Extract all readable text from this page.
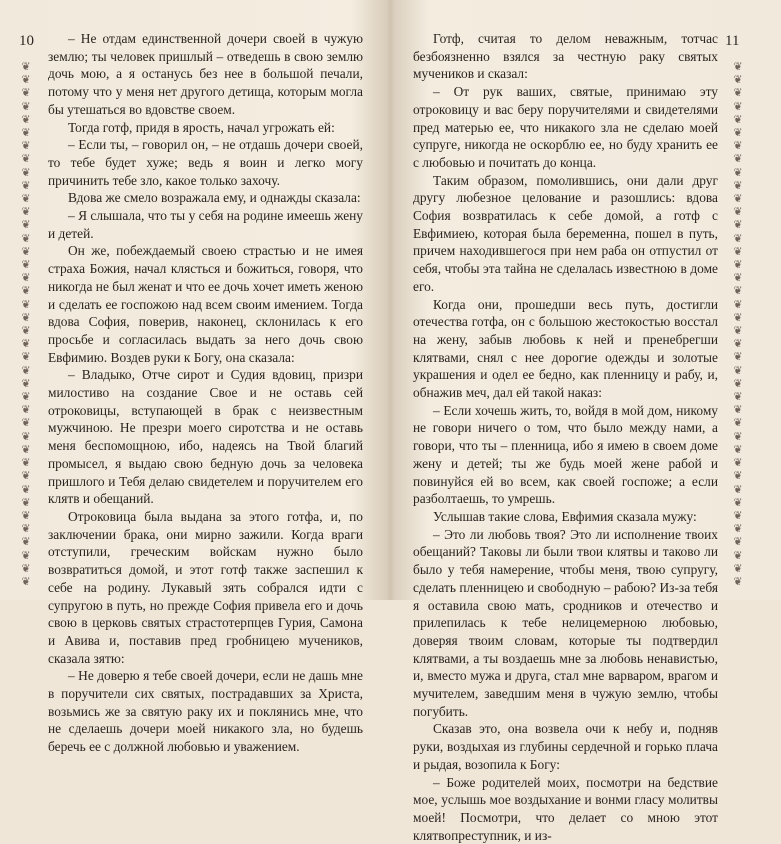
10
❦
❦
❦
❦
❦
❦
❦
❦
❦
❦
❦
❦
❦
❦
❦
❦
❦
❦
❦
❦
❦
❦
❦
❦
❦
❦
❦
❦
❦
❦
❦
❦
❦
❦
❦
❦
❦
❦
❦
❦

– Не отдам единственной дочери своей в чужую землю; ты человек пришлый – отведешь в свою землю дочь мою, а я останусь без нее в большой печали, потому что у меня нет другого детища, которым могла бы утешаться во вдовстве своем.

Тогда готф, придя в ярость, начал угрожать ей:

– Если ты, – говорил он, – не отдашь дочери своей, то тебе будет хуже; ведь я воин и легко могу причинить тебе зло, какое только захочу.

Вдова же смело возражала ему, и однажды сказала:

– Я слышала, что ты у себя на родине имеешь жену и детей.

Он же, побеждаемый своею страстью и не имея страха Божия, начал клясться и божиться, говоря, что никогда не был женат и что ее дочь хочет иметь женою и сделать ее госпожою над всем своим имением. Тогда вдова София, поверив, наконец, склонилась к его просьбе и согласилась выдать за него дочь свою Евфимию. Воздев руки к Богу, она сказала:

– Владыко, Отче сирот и Судия вдовиц, призри милостиво на создание Свое и не оставь сей отроковицы, вступающей в брак с неизвестным мужчиною. Не презри моего сиротства и не оставь меня беспомощною, ибо, надеясь на Твой благий промысел, я выдаю свою бедную дочь за человека пришлого и Тебя делаю свидетелем и поручителем его клятв и обещаний.

Отроковица была выдана за этого готфа, и, по заключении брака, они мирно зажили. Когда враги отступили, греческим войскам нужно было возвратиться домой, и этот готф также заспешил к себе на родину. Лукавый зять собрался идти с супругою в путь, но прежде София привела его и дочь свою в церковь святых страстотерпцев Гурия, Самона и Авива и, поставив пред гробницею мучеников, сказала зятю:

– Не доверю я тебе своей дочери, если не дашь мне в поручители сих святых, пострадавших за Христа, возьмись же за святую раку их и поклянись мне, что не сделаешь дочери моей никакого зла, но будешь беречь ее с должной любовью и уважением.

11
❦
❦
❦
❦
❦
❦
❦
❦
❦
❦
❦
❦
❦
❦
❦
❦
❦
❦
❦
❦
❦
❦
❦
❦
❦
❦
❦
❦
❦
❦
❦
❦
❦
❦
❦
❦
❦
❦
❦
❦

Готф, считая то делом неважным, тотчас безбоязненно взялся за честную раку святых мучеников и сказал:

– От рук ваших, святые, принимаю эту отроковицу и вас беру поручителями и свидетелями пред матерью ее, что никакого зла не сделаю моей супруге, никогда не оскорблю ее, но буду хранить ее с любовью и почитать до конца.

Таким образом, помолившись, они дали друг другу любезное целование и разошлись: вдова София возвратилась к себе домой, а готф с Евфимиею, которая была беременна, пошел в путь, причем находившегося при нем раба он отпустил от себя, чтобы эта тайна не сделалась известною в доме его.

Когда они, прошедши весь путь, достигли отечества готфа, он с большою жестокостью восстал на жену, забыв любовь к ней и пренебрегши клятвами, снял с нее дорогие одежды и золотые украшения и одел ее бедно, как пленницу и рабу, и, обнажив меч, дал ей такой наказ:

– Если хочешь жить, то, войдя в мой дом, никому не говори ничего о том, что было между нами, а говори, что ты – пленница, ибо я имею в своем доме жену и детей; ты же будь моей жене рабой и повинуйся ей во всем, как своей госпоже; а если разболтаешь, то умрешь.

Услышав такие слова, Евфимия сказала мужу:

– Это ли любовь твоя? Это ли исполнение твоих обещаний? Таковы ли были твои клятвы и таково ли было у тебя намерение, чтобы меня, твою супругу, сделать пленницею и свободную – рабою? Из-за тебя я оставила свою мать, сродников и отечество и прилепилась к тебе нелицемерною любовью, доверяя твоим словам, которые ты подтвердил клятвами, а ты воздаешь мне за любовь ненавистью, и, вместо мужа и друга, стал мне варваром, врагом и мучителем, заведшим меня в чужую землю, чтобы погубить.

Сказав это, она возвела очи к небу и, подняв руки, воздыхая из глубины сердечной и горько плача и рыдая, возопила к Богу:

– Боже родителей моих, посмотри на бедствие мое, услышь мое воздыхание и вонми гласу молитвы моей! Посмотри, что делает со мною этот клятвопреступник, и из-
